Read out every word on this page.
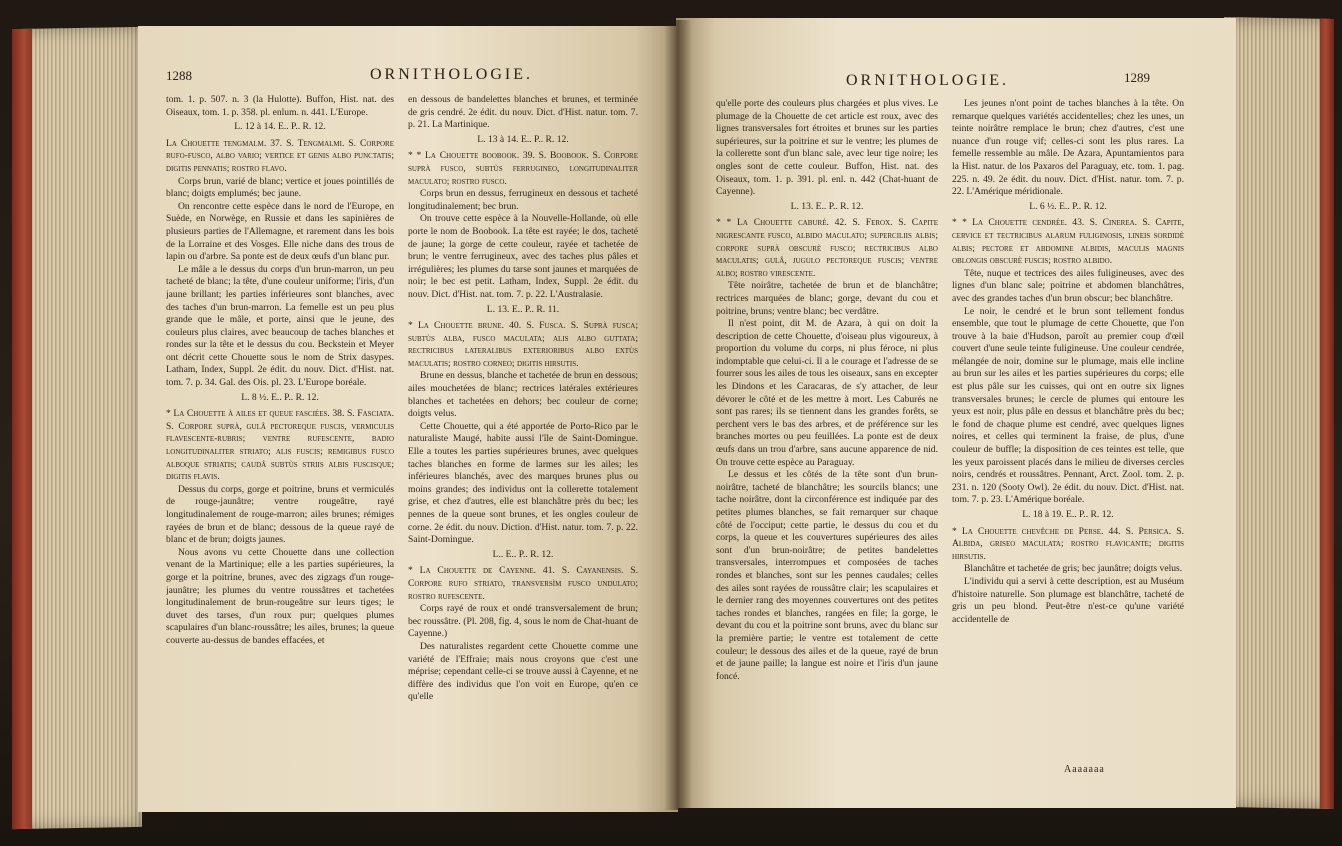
1288	ORNITHOLOGIE.

tom. 1. p. 507. n. 3 (la Hulotte). Buffon, Hist. nat. des Oiseaux, tom. 1. p. 358. pl. enlum. n. 441. L'Europe.

L. 12 à 14. E.. P.. R. 12.

La Chouette tengmalm. 37. S. Tengmalmi. S. Corpore rufo-fusco, albo vario; vertice et genis albo punctatis; digitis pennatis; rostro flavo.

Corps brun, varié de blanc; vertice et joues pointillés de blanc; doigts emplumés; bec jaune.

On rencontre cette espèce dans le nord de l'Europe, en Suède, en Norwège, en Russie et dans les sapinières de plusieurs parties de l'Allemagne, et rarement dans les bois de la Lorraine et des Vosges. Elle niche dans des trous de lapin ou d'arbre. Sa ponte est de deux œufs d'un blanc pur.

Le mâle a le dessus du corps d'un brun-marron, un peu tacheté de blanc; la tête, d'une couleur uniforme; l'iris, d'un jaune brillant; les parties inférieures sont blanches, avec des taches d'un brun-marron. La femelle est un peu plus grande que le mâle, et porte, ainsi que le jeune, des couleurs plus claires, avec beaucoup de taches blanches et rondes sur la tête et le dessus du cou. Beckstein et Meyer ont décrit cette Chouette sous le nom de Strix dasypes. Latham, Index, Suppl. 2e édit. du nouv. Dict. d'Hist. nat. tom. 7. p. 34. Gal. des Ois. pl. 23. L'Europe boréale.

L. 8 ½. E.. P.. R. 12.

* La Chouette à ailes et queue fasciées. 38. S. Fasciata. S. Corpore suprà, gulâ pectoreque fuscis, vermiculis flavescente-rubris; ventre rufescente, badio longitudinaliter striato; alis fuscis; remigibus fusco alboque striatis; caudâ subtùs striis albis fuscisque; digitis flavis.

Dessus du corps, gorge et poitrine, bruns et vermiculés de rouge-jaunâtre; ventre rougeâtre, rayé longitudinalement de rouge-marron; ailes brunes; rémiges rayées de brun et de blanc; dessous de la queue rayé de blanc et de brun; doigts jaunes.

Nous avons vu cette Chouette dans une collection venant de la Martinique; elle a les parties supérieures, la gorge et la poitrine, brunes, avec des zigzags d'un rouge-jaunâtre; les plumes du ventre roussâtres et tachetées longitudinalement de brun-rougeâtre sur leurs tiges; le duvet des tarses, d'un roux pur; quelques plumes scapulaires d'un blanc-roussâtre; les ailes, brunes; la queue couverte au-dessus de bandes effacées, et

en dessous de bandelettes blanches et brunes, et terminée de gris cendré. 2e édit. du nouv. Dict. d'Hist. natur. tom. 7. p. 21. La Martinique.

L. 13 à 14. E.. P.. R. 12.

* * La Chouette boobook. 39. S. Boobook. S. Corpore suprà fusco, subtùs ferrugineo, longitudinaliter maculato; rostro fusco.

Corps brun en dessus, ferrugineux en dessous et tacheté longitudinalement; bec brun.

On trouve cette espèce à la Nouvelle-Hollande, où elle porte le nom de Boobook. La tête est rayée; le dos, tacheté de jaune; la gorge de cette couleur, rayée et tachetée de brun; le ventre ferrugineux, avec des taches plus pâles et irrégulières; les plumes du tarse sont jaunes et marquées de noir; le bec est petit. Latham, Index, Suppl. 2e édit. du nouv. Dict. d'Hist. nat. tom. 7. p. 22. L'Australasie.

L. 13. E.. P.. R. 11.

* La Chouette brune. 40. S. Fusca. S. Suprà fusca; subtùs alba, fusco maculata; alis albo guttata; rectricibus lateralibus exterioribus albo extùs maculatis; rostro corneo; digitis hirsutis.

Brune en dessus, blanche et tachetée de brun en dessous; ailes mouchetées de blanc; rectrices latérales extérieures blanches et tachetées en dehors; bec couleur de corne; doigts velus.

Cette Chouette, qui a été apportée de Porto-Rico par le naturaliste Maugé, habite aussi l'île de Saint-Domingue. Elle a toutes les parties supérieures brunes, avec quelques taches blanches en forme de larmes sur les ailes; les inférieures blanchés, avec des marques brunes plus ou moins grandes; des individus ont la collerette totalement grise, et chez d'autres, elle est blanchâtre près du bec; les pennes de la queue sont brunes, et les ongles couleur de corne. 2e édit. du nouv. Diction. d'Hist. natur. tom. 7. p. 22. Saint-Domingue.

L.. E.. P.. R. 12.

* La Chouette de Cayenne. 41. S. Cayanensis. S. Corpore rufo striato, transversìm fusco undulato; rostro rufescente.

Corps rayé de roux et ondé transversalement de brun; bec roussâtre. (Pl. 208, fig. 4, sous le nom de Chat-huant de Cayenne.)

Des naturalistes regardent cette Chouette comme une variété de l'Effraie; mais nous croyons que c'est une méprise; cependant celle-ci se trouve aussi à Cayenne, et ne diffère des individus que l'on voit en Europe, qu'en ce qu'elle

ORNITHOLOGIE.	1289

qu'elle porte des couleurs plus chargées et plus vives. Le plumage de la Chouette de cet article est roux, avec des lignes transversales fort étroites et brunes sur les parties supérieures, sur la poitrine et sur le ventre; les plumes de la collerette sont d'un blanc sale, avec leur tige noire; les ongles sont de cette couleur. Buffon, Hist. nat. des Oiseaux, tom. 1. p. 391. pl. enl. n. 442 (Chat-huant de Cayenne).

L. 13. E.. P.. R. 12.

* * La Chouette caburé. 42. S. Ferox. S. Capite nigrescante fusco, albido maculato; superciliis albis; corpore suprà obscurè fusco; rectricibus albo maculatis; gulâ, jugulo pectoreque fuscis; ventre albo; rostro virescente.

Tête noirâtre, tachetée de brun et de blanchâtre; rectrices marquées de blanc; gorge, devant du cou et poitrine, bruns; ventre blanc; bec verdâtre.

Il n'est point, dit M. de Azara, à qui on doit la description de cette Chouette, d'oiseau plus vigoureux, à proportion du volume du corps, ni plus féroce, ni plus indomptable que celui-ci. Il a le courage et l'adresse de se fourrer sous les ailes de tous les oiseaux, sans en excepter les Dindons et les Caracaras, de s'y attacher, de leur dévorer le côté et de les mettre à mort. Les Caburés ne sont pas rares; ils se tiennent dans les grandes forêts, se perchent vers le bas des arbres, et de préférence sur les branches mortes ou peu feuillées. La ponte est de deux œufs dans un trou d'arbre, sans aucune apparence de nid. On trouve cette espèce au Paraguay.

Le dessus et les côtés de la tête sont d'un brun-noirâtre, tacheté de blanchâtre; les sourcils blancs; une tache noirâtre, dont la circonférence est indiquée par des petites plumes blanches, se fait remarquer sur chaque côté de l'occiput; cette partie, le dessus du cou et du corps, la queue et les couvertures supérieures des ailes sont d'un brun-noirâtre; de petites bandelettes transversales, interrompues et composées de taches rondes et blanches, sont sur les pennes caudales; celles des ailes sont rayées de roussâtre clair; les scapulaires et le dernier rang des moyennes couvertures ont des petites taches rondes et blanches, rangées en file; la gorge, le devant du cou et la poitrine sont bruns, avec du blanc sur la première partie; le ventre est totalement de cette couleur; le dessous des ailes et de la queue, rayé de brun et de jaune paille; la langue est noire et l'iris d'un jaune foncé.

Les jeunes n'ont point de taches blanches à la tête. On remarque quelques variétés accidentelles; chez les unes, un teinte noirâtre remplace le brun; chez d'autres, c'est une nuance d'un rouge vif; celles-ci sont les plus rares. La femelle ressemble au mâle. De Azara, Apuntamientos para la Hist. natur. de los Paxaros del Paraguay, etc. tom. 1. pag. 225. n. 49. 2e édit. du nouv. Dict. d'Hist. natur. tom. 7. p. 22. L'Amérique méridionale.

L. 6 ½. E.. P.. R. 12.

* * La Chouette cendrée. 43. S. Cinerea. S. Capite, cervice et tectricibus alarum fuliginosis, lineis sordidè albis; pectore et abdomine albidis, maculis magnis oblongis obscurè fuscis; rostro albido.

Tête, nuque et tectrices des ailes fuligineuses, avec des lignes d'un blanc sale; poitrine et abdomen blanchâtres, avec des grandes taches d'un brun obscur; bec blanchâtre.

Le noir, le cendré et le brun sont tellement fondus ensemble, que tout le plumage de cette Chouette, que l'on trouve à la baie d'Hudson, paroît au premier coup d'œil couvert d'une seule teinte fuligineuse. Une couleur cendrée, mélangée de noir, domine sur le plumage, mais elle incline au brun sur les ailes et les parties supérieures du corps; elle est plus pâle sur les cuisses, qui ont en outre six lignes transversales brunes; le cercle de plumes qui entoure les yeux est noir, plus pâle en dessus et blanchâtre près du bec; le fond de chaque plume est cendré, avec quelques lignes noires, et celles qui terminent la fraise, de plus, d'une couleur de buffle; la disposition de ces teintes est telle, que les yeux paroissent placés dans le milieu de diverses cercles noirs, cendrés et roussâtres. Pennant, Arct. Zool. tom. 2. p. 231. n. 120 (Sooty Owl). 2e édit. du nouv. Dict. d'Hist. nat. tom. 7. p. 23. L'Amérique boréale.

L. 18 à 19. E.. P.. R. 12.

* La Chouette chevêche de Perse. 44. S. Persica. S. Albida, griseo maculata; rostro flavicante; digitis hirsutis.

Blanchâtre et tachetée de gris; bec jaunâtre; doigts velus.

L'individu qui a servi à cette description, est au Muséum d'histoire naturelle. Son plumage est blanchâtre, tacheté de gris un peu blond. Peut-être n'est-ce qu'une variété accidentelle de

Aaaaaaa
